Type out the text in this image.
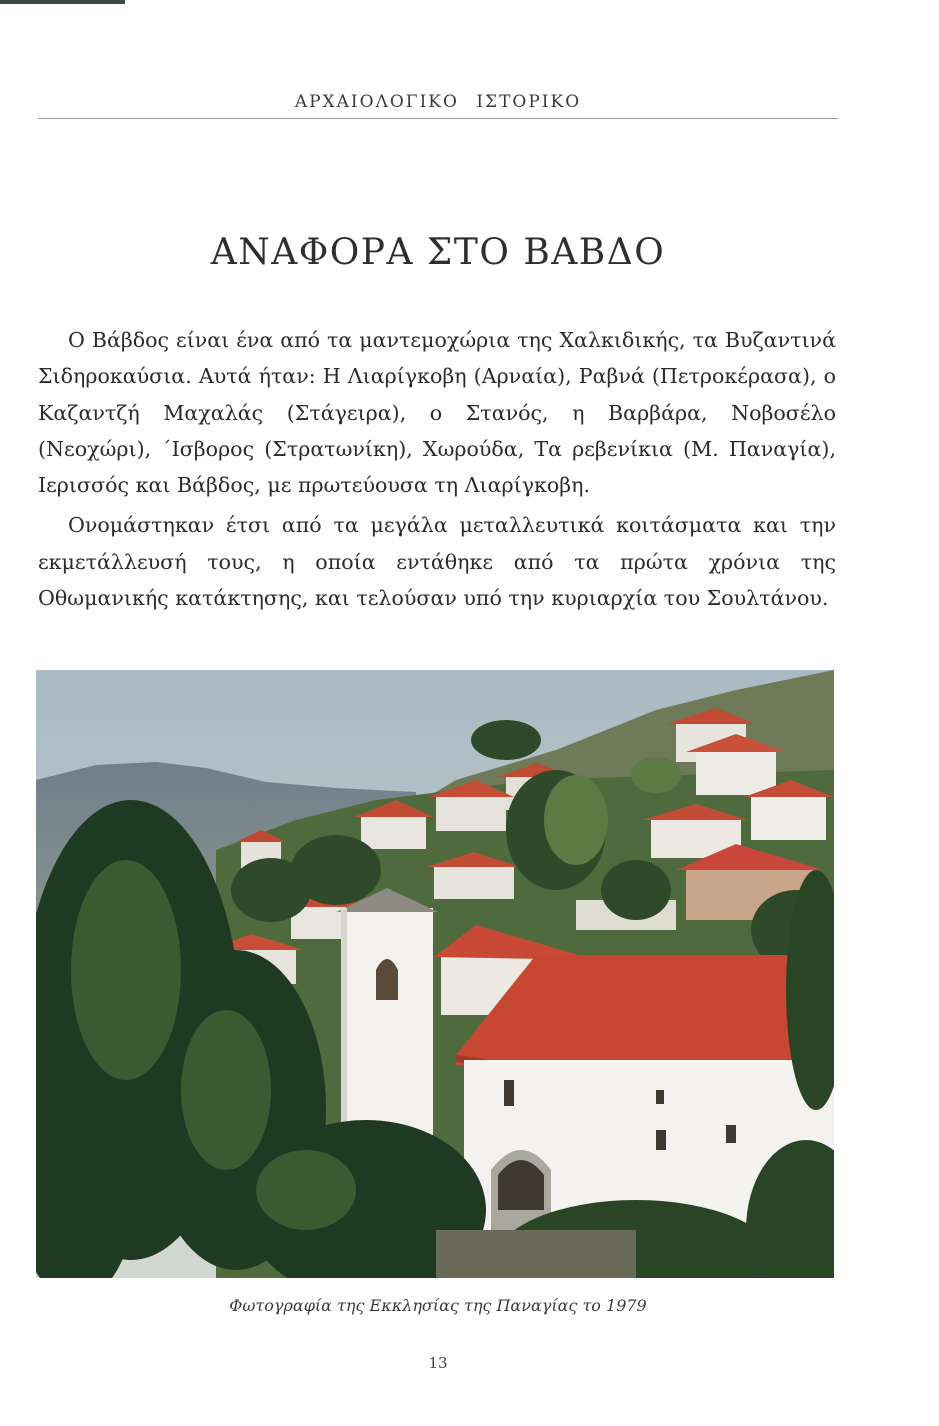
ΑΡΧΑΙΟΛΟΓΙΚΟ ΙΣΤΟΡΙΚΟ
ΑΝΑΦΟΡΑ ΣΤΟ ΒΑΒΔΟ

Ο Βάβδος είναι ένα από τα μαντεμοχώρια της Χαλκιδικής, τα Βυζαντινά Σιδηροκαύσια. Αυτά ήταν: Η Λιαρίγκοβη (Αρναία), Ραβνά (Πετροκέρασα), ο Καζαντζή Μαχαλάς (Στάγειρα), ο Στανός, η Βαρβάρα, Νοβοσέλο (Νεοχώρι), ΄Ισβορος (Στρατωνίκη), Χωρούδα, Τα ρεβενίκια (Μ. Παναγία), Ιερισσός και Βάβδος, με πρωτεύουσα τη Λιαρίγκοβη.

Ονομάστηκαν έτσι από τα μεγάλα μεταλλευτικά κοιτάσματα και την εκμετάλλευσή τους, η οποία εντάθηκε από τα πρώτα χρόνια της Οθωμανικής κατάκτησης, και τελούσαν υπό την κυριαρχία του Σουλτάνου.

Φωτογραφία της Εκκλησίας της Παναγίας το 1979
13
